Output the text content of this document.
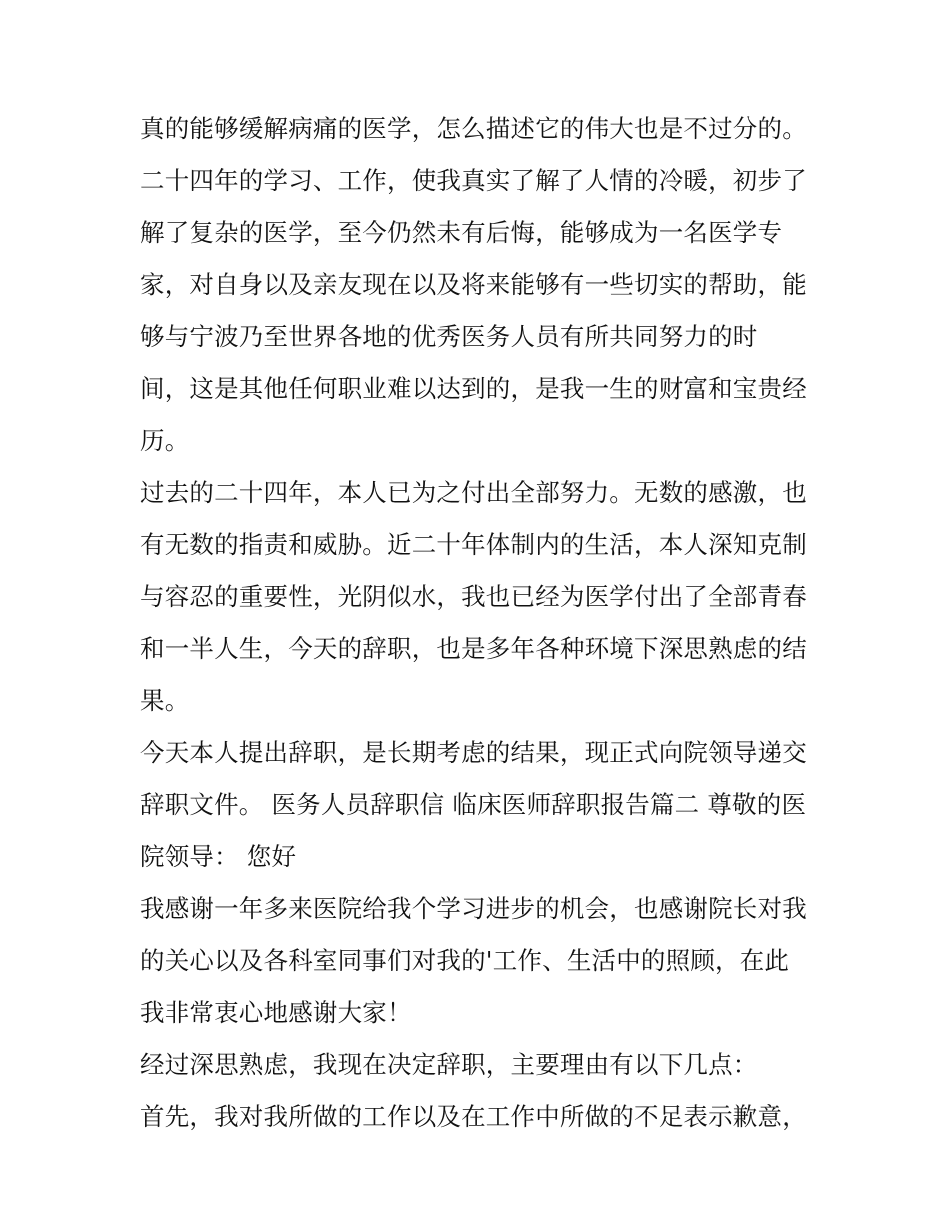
真的能够缓解病痛的医学，怎么描述它的伟大也是不过分的。
二十四年的学习、工作，使我真实了解了人情的冷暖，初步了
解了复杂的医学，至今仍然未有后悔，能够成为一名医学专
家，对自身以及亲友现在以及将来能够有一些切实的帮助，能
够与宁波乃至世界各地的优秀医务人员有所共同努力的时
间，这是其他任何职业难以达到的，是我一生的财富和宝贵经
历。
过去的二十四年，本人已为之付出全部努力。无数的感激，也
有无数的指责和威胁。近二十年体制内的生活，本人深知克制
与容忍的重要性，光阴似水，我也已经为医学付出了全部青春
和一半人生，今天的辞职，也是多年各种环境下深思熟虑的结
果。
今天本人提出辞职，是长期考虑的结果，现正式向院领导递交
辞职文件。 医务人员辞职信 临床医师辞职报告篇二 尊敬的医
院领导： 您好
我感谢一年多来医院给我个学习进步的机会，也感谢院长对我
的关心以及各科室同事们对我的'工作、生活中的照顾，在此
我非常衷心地感谢大家！
经过深思熟虑，我现在决定辞职，主要理由有以下几点：
首先，我对我所做的工作以及在工作中所做的不足表示歉意，
